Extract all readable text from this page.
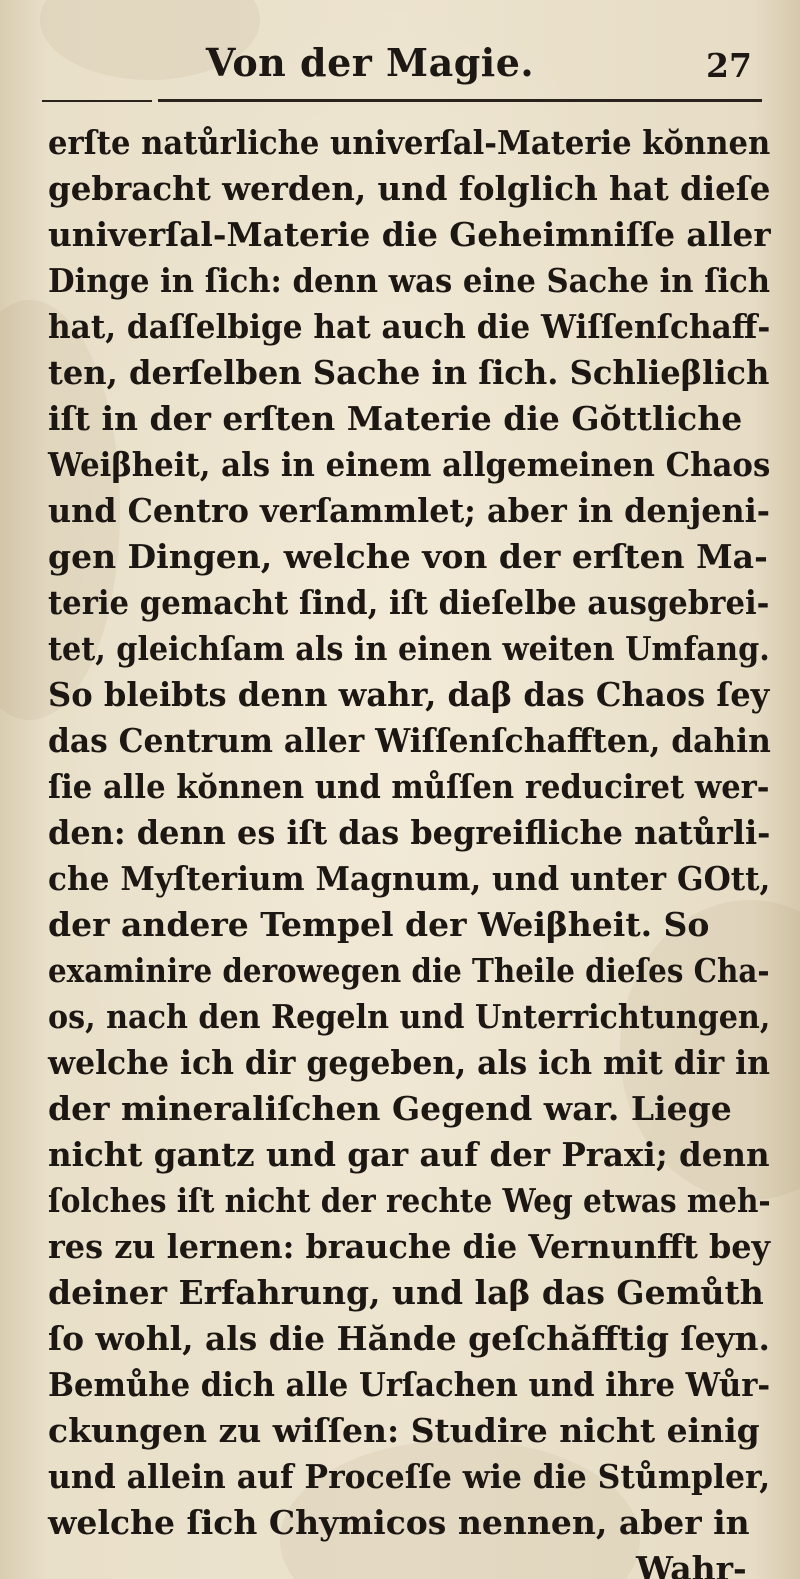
Von der Magie.	27
erſte natůrliche univerſal-Materie kŏnnen
gebracht werden, und folglich hat dieſe
univerſal-Materie die Geheimniſſe aller
Dinge in ſich: denn was eine Sache in ſich
hat, daſſelbige hat auch die Wiſſenſchaff-
ten, derſelben Sache in ſich. Schlieβlich
iſt in der erſten Materie die Gŏttliche
Weiβheit, als in einem allgemeinen Chaos
und Centro verſammlet; aber in denjeni-
gen Dingen, welche von der erſten Ma-
terie gemacht ſind, iſt dieſelbe ausgebrei-
tet, gleichſam als in einen weiten Umfang.
So bleibts denn wahr, daβ das Chaos ſey
das Centrum aller Wiſſenſchafften, dahin
ſie alle kŏnnen und můſſen reduciret wer-
den: denn es iſt das begreifliche natůrli-
che Myſterium Magnum, und unter GOtt,
der andere Tempel der Weiβheit. So
examinire derowegen die Theile dieſes Cha-
os, nach den Regeln und Unterrichtungen,
welche ich dir gegeben, als ich mit dir in
der mineraliſchen Gegend war. Liege
nicht gantz und gar auf der Praxi; denn
ſolches iſt nicht der rechte Weg etwas meh-
res zu lernen: brauche die Vernunfft bey
deiner Erfahrung, und laβ das Gemůth
ſo wohl, als die Hănde geſchăfftig ſeyn.
Bemůhe dich alle Urſachen und ihre Wůr-
ckungen zu wiſſen: Studire nicht einig
und allein auf Proceſſe wie die Stůmpler,
welche ſich Chymicos nennen, aber in
Wahr-
